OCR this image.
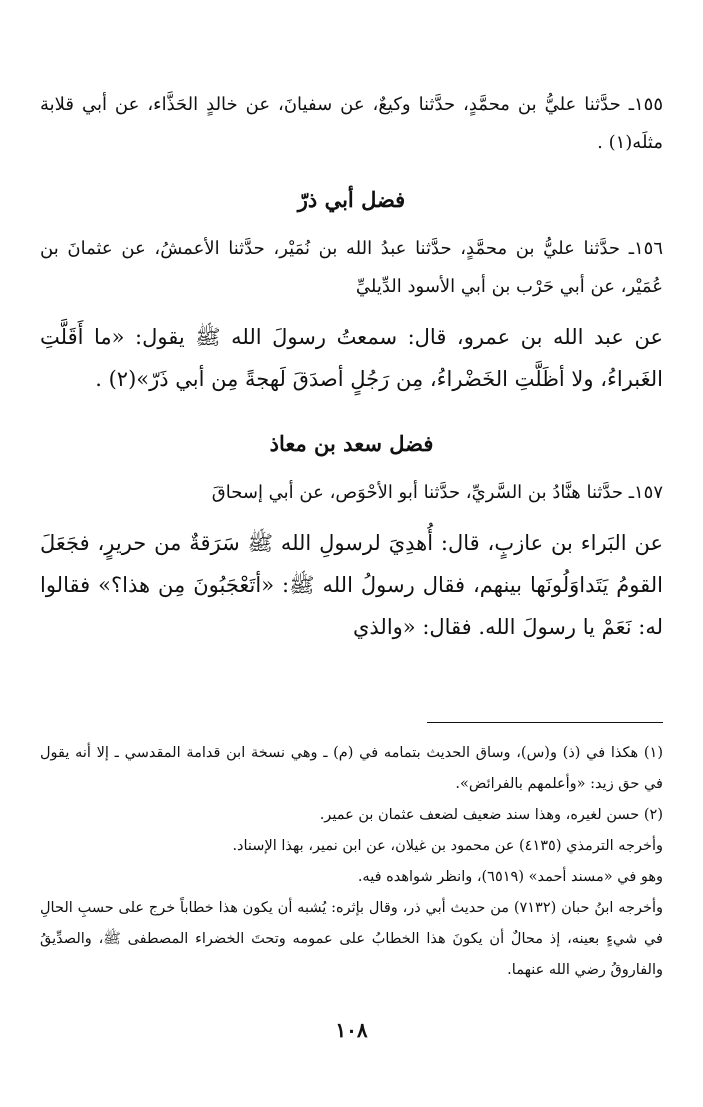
١٥٥ـ حدَّثنا عليُّ بن محمَّدٍ، حدَّثنا وكيعٌ، عن سفيانَ، عن خالدٍ الحَذَّاء، عن أبي قلابة مثلَه(١) .

فضل أبي ذرّ

١٥٦ـ حدَّثنا عليُّ بن محمَّدٍ، حدَّثنا عبدُ الله بن نُمَيْر، حدَّثنا الأعمشُ، عن عثمانَ بن عُمَيْر، عن أبي حَرْب بن أبي الأسود الدِّيليِّ

عن عبد الله بن عمرو، قال: سمعتُ رسولَ الله ﷺ يقول: «ما أَقَلَّتِ الغَبراءُ، ولا أظَلَّتِ الخَضْراءُ، مِن رَجُلٍ أصدَقَ لَهجةً مِن أبي ذَرّ»(٢) .

فضل سعد بن معاذ

١٥٧ـ حدَّثنا هنَّادُ بن السَّريِّ، حدَّثنا أبو الأحْوَص، عن أبي إسحاقَ

عن البَراء بن عازبٍ، قال: أُهدِيَ لرسولِ الله ﷺ سَرَقةٌ من حريرٍ، فجَعَلَ القومُ يَتَداوَلُونَها بينهم، فقال رسولُ الله ﷺ: «أتَعْجَبُونَ مِن هذا؟» فقالوا له: نَعَمْ يا رسولَ الله. فقال: «والذي

(١) هكذا في (ذ) و(س)، وساق الحديث بتمامه في (م) ـ وهي نسخة ابن قدامة المقدسي ـ إلا أنه يقول في حق زيد: «وأعلمهم بالفرائض».

(٢) حسن لغيره، وهذا سند ضعيف لضعف عثمان بن عمير.

وأخرجه الترمذي (٤١٣٥) عن محمود بن غيلان، عن ابن نمير، بهذا الإسناد.

وهو في «مسند أحمد» (٦٥١٩)، وانظر شواهده فيه.

وأخرجه ابنُ حبان (٧١٣٢) من حديث أبي ذر، وقال بإثره: يُشبه أن يكون هذا خطاباً خرج على حسبِ الحالِ في شيءٍ بعينه، إذ محالٌ أن يكونَ هذا الخطابُ على عمومه وتحتَ الخضراء المصطفى ﷺ، والصدِّيقُ والفاروقُ رضي الله عنهما.

١٠٨
